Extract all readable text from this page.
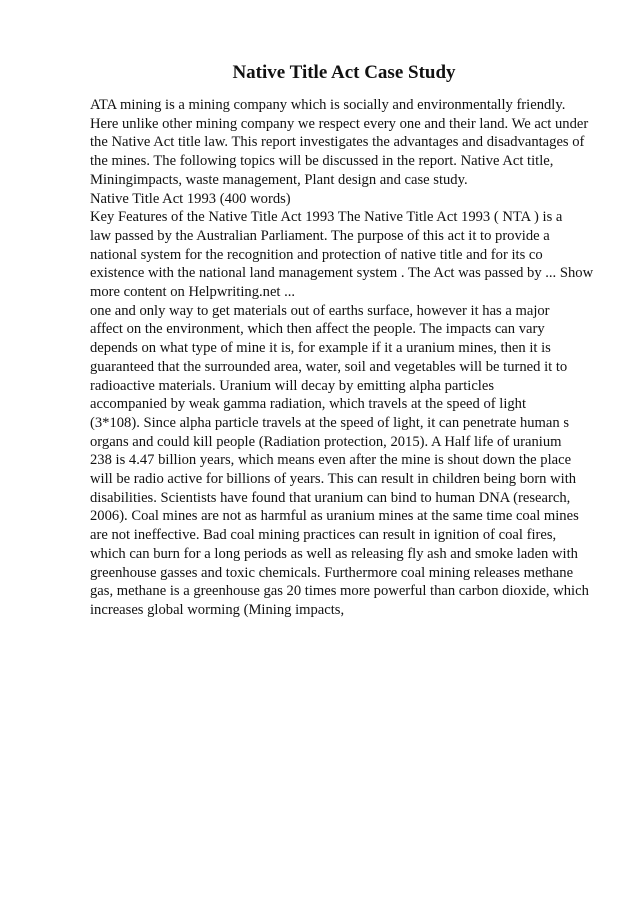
Native Title Act Case Study
ATA mining is a mining company which is socially and environmentally friendly.
Here unlike other mining company we respect every one and their land. We act under
the Native Act title law. This report investigates the advantages and disadvantages of
the mines. The following topics will be discussed in the report. Native Act title,
Miningimpacts, waste management, Plant design and case study.
Native Title Act 1993 (400 words)
Key Features of the Native Title Act 1993 The Native Title Act 1993 ( NTA ) is a
law passed by the Australian Parliament. The purpose of this act it to provide a
national system for the recognition and protection of native title and for its co
existence with the national land management system . The Act was passed by ... Show
more content on Helpwriting.net ...
one and only way to get materials out of earths surface, however it has a major
affect on the environment, which then affect the people. The impacts can vary
depends on what type of mine it is, for example if it a uranium mines, then it is
guaranteed that the surrounded area, water, soil and vegetables will be turned it to
radioactive materials. Uranium will decay by emitting alpha particles
accompanied by weak gamma radiation, which travels at the speed of light
(3*108). Since alpha particle travels at the speed of light, it can penetrate human s
organs and could kill people (Radiation protection, 2015). A Half life of uranium
238 is 4.47 billion years, which means even after the mine is shout down the place
will be radio active for billions of years. This can result in children being born with
disabilities. Scientists have found that uranium can bind to human DNA (research,
2006). Coal mines are not as harmful as uranium mines at the same time coal mines
are not ineffective. Bad coal mining practices can result in ignition of coal fires,
which can burn for a long periods as well as releasing fly ash and smoke laden with
greenhouse gasses and toxic chemicals. Furthermore coal mining releases methane
gas, methane is a greenhouse gas 20 times more powerful than carbon dioxide, which
increases global worming (Mining impacts,
